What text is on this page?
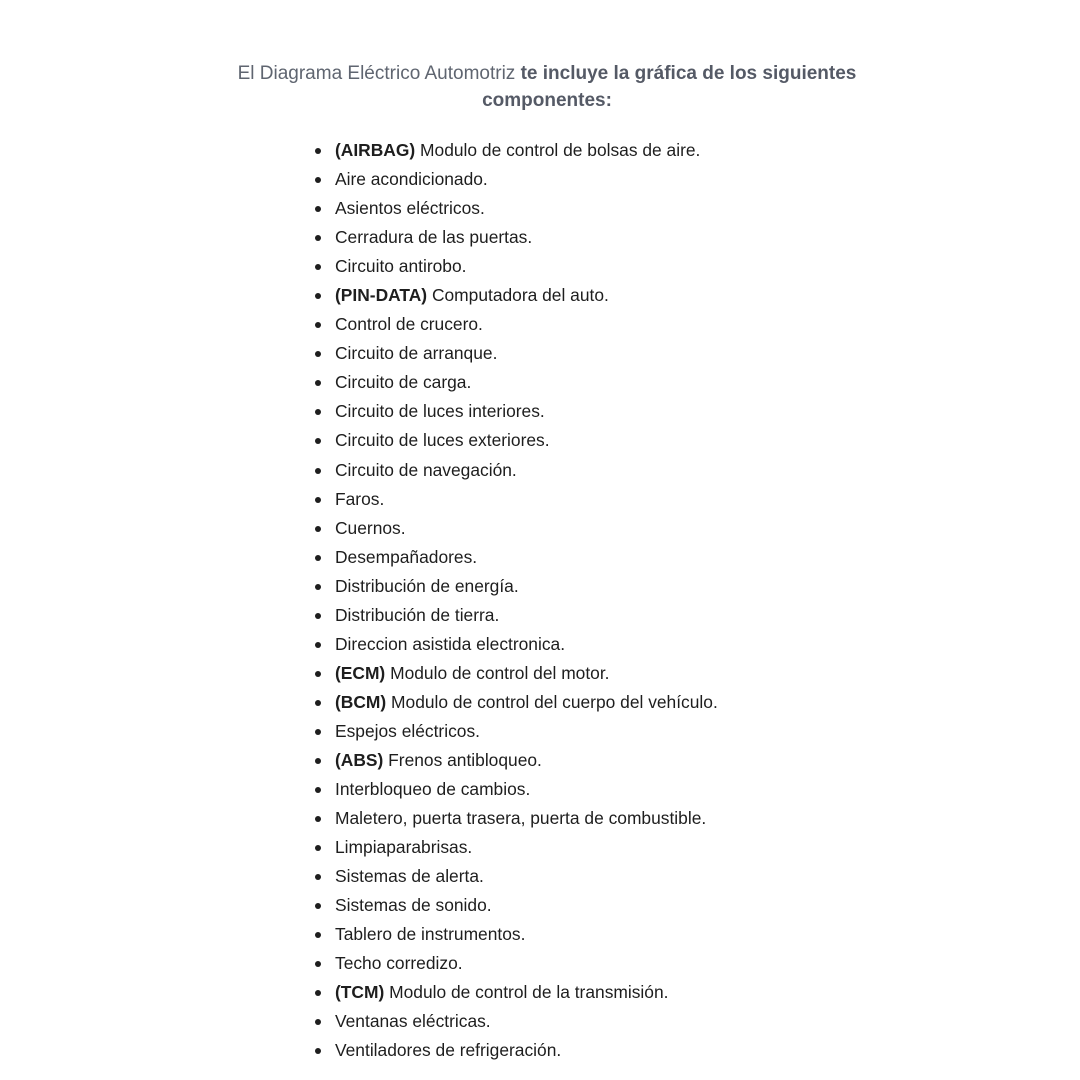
El Diagrama Eléctrico Automotriz te incluye la gráfica de los siguientes componentes:
(AIRBAG) Modulo de control de bolsas de aire.
Aire acondicionado.
Asientos eléctricos.
Cerradura de las puertas.
Circuito antirobo.
(PIN-DATA) Computadora del auto.
Control de crucero.
Circuito de arranque.
Circuito de carga.
Circuito de luces interiores.
Circuito de luces exteriores.
Circuito de navegación.
Faros.
Cuernos.
Desempañadores.
Distribución de energía.
Distribución de tierra.
Direccion asistida electronica.
(ECM) Modulo de control del motor.
(BCM) Modulo de control del cuerpo del vehículo.
Espejos eléctricos.
(ABS) Frenos antibloqueo.
Interbloqueo de cambios.
Maletero, puerta trasera, puerta de combustible.
Limpiaparabrisas.
Sistemas de alerta.
Sistemas de sonido.
Tablero de instrumentos.
Techo corredizo.
(TCM) Modulo de control de la transmisión.
Ventanas eléctricas.
Ventiladores de refrigeración.
